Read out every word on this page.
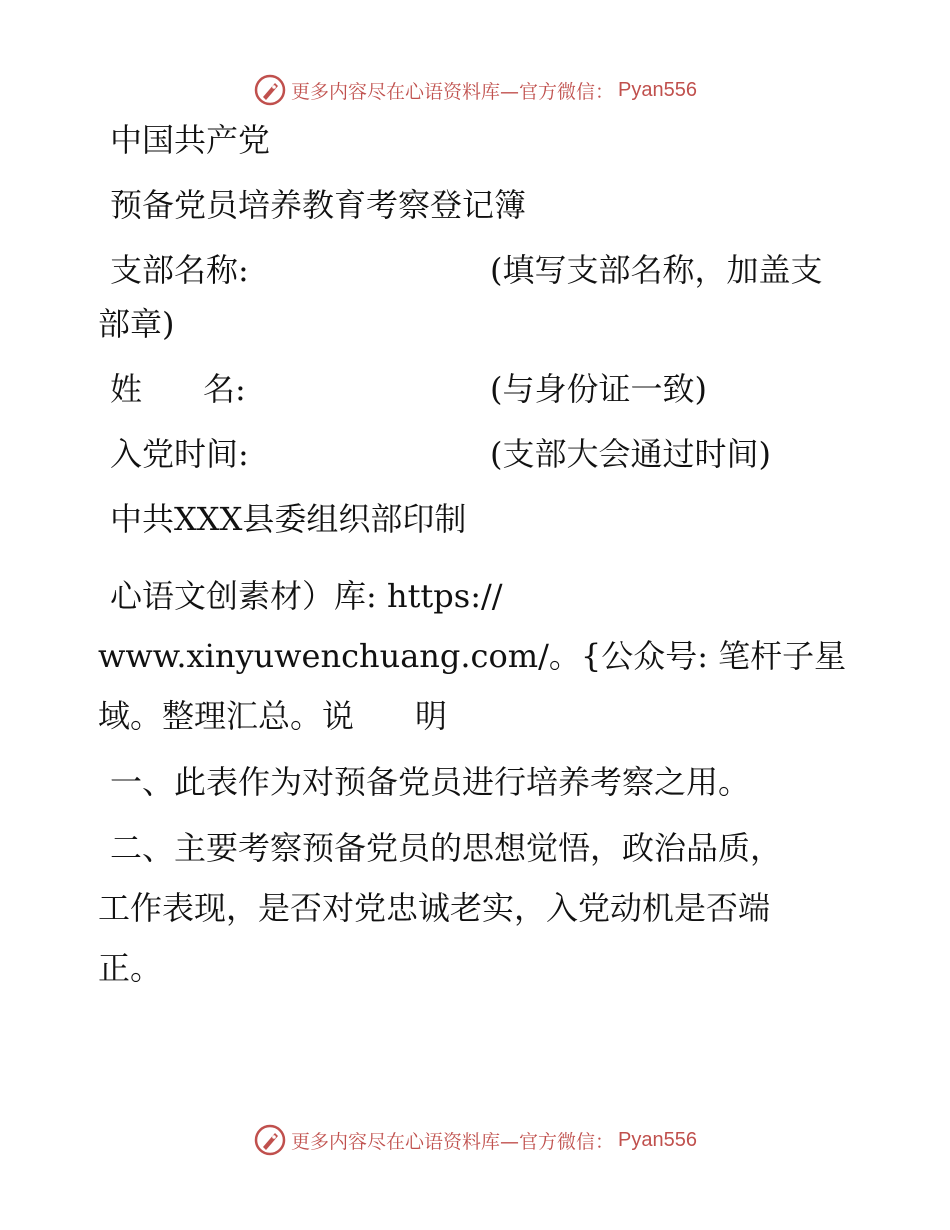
更多内容尽在心语资料库—官方微信： Pyan556
中国共产党
预备党员培养教育考察登记簿
支部名称:	(填写支部名称，加盖支
部章)
姓      名:	(与身份证一致)
入党时间:	(支部大会通过时间)
中共XXX县委组织部印制
心语文创素材）库: https://
www.xinyuwenchuang.com/。{公众号: 笔杆子星
域。整理汇总。说      明
一、此表作为对预备党员进行培养考察之用。
二、主要考察预备党员的思想觉悟，政治品质，
工作表现，是否对党忠诚老实，入党动机是否端
正。
更多内容尽在心语资料库—官方微信： Pyan556
